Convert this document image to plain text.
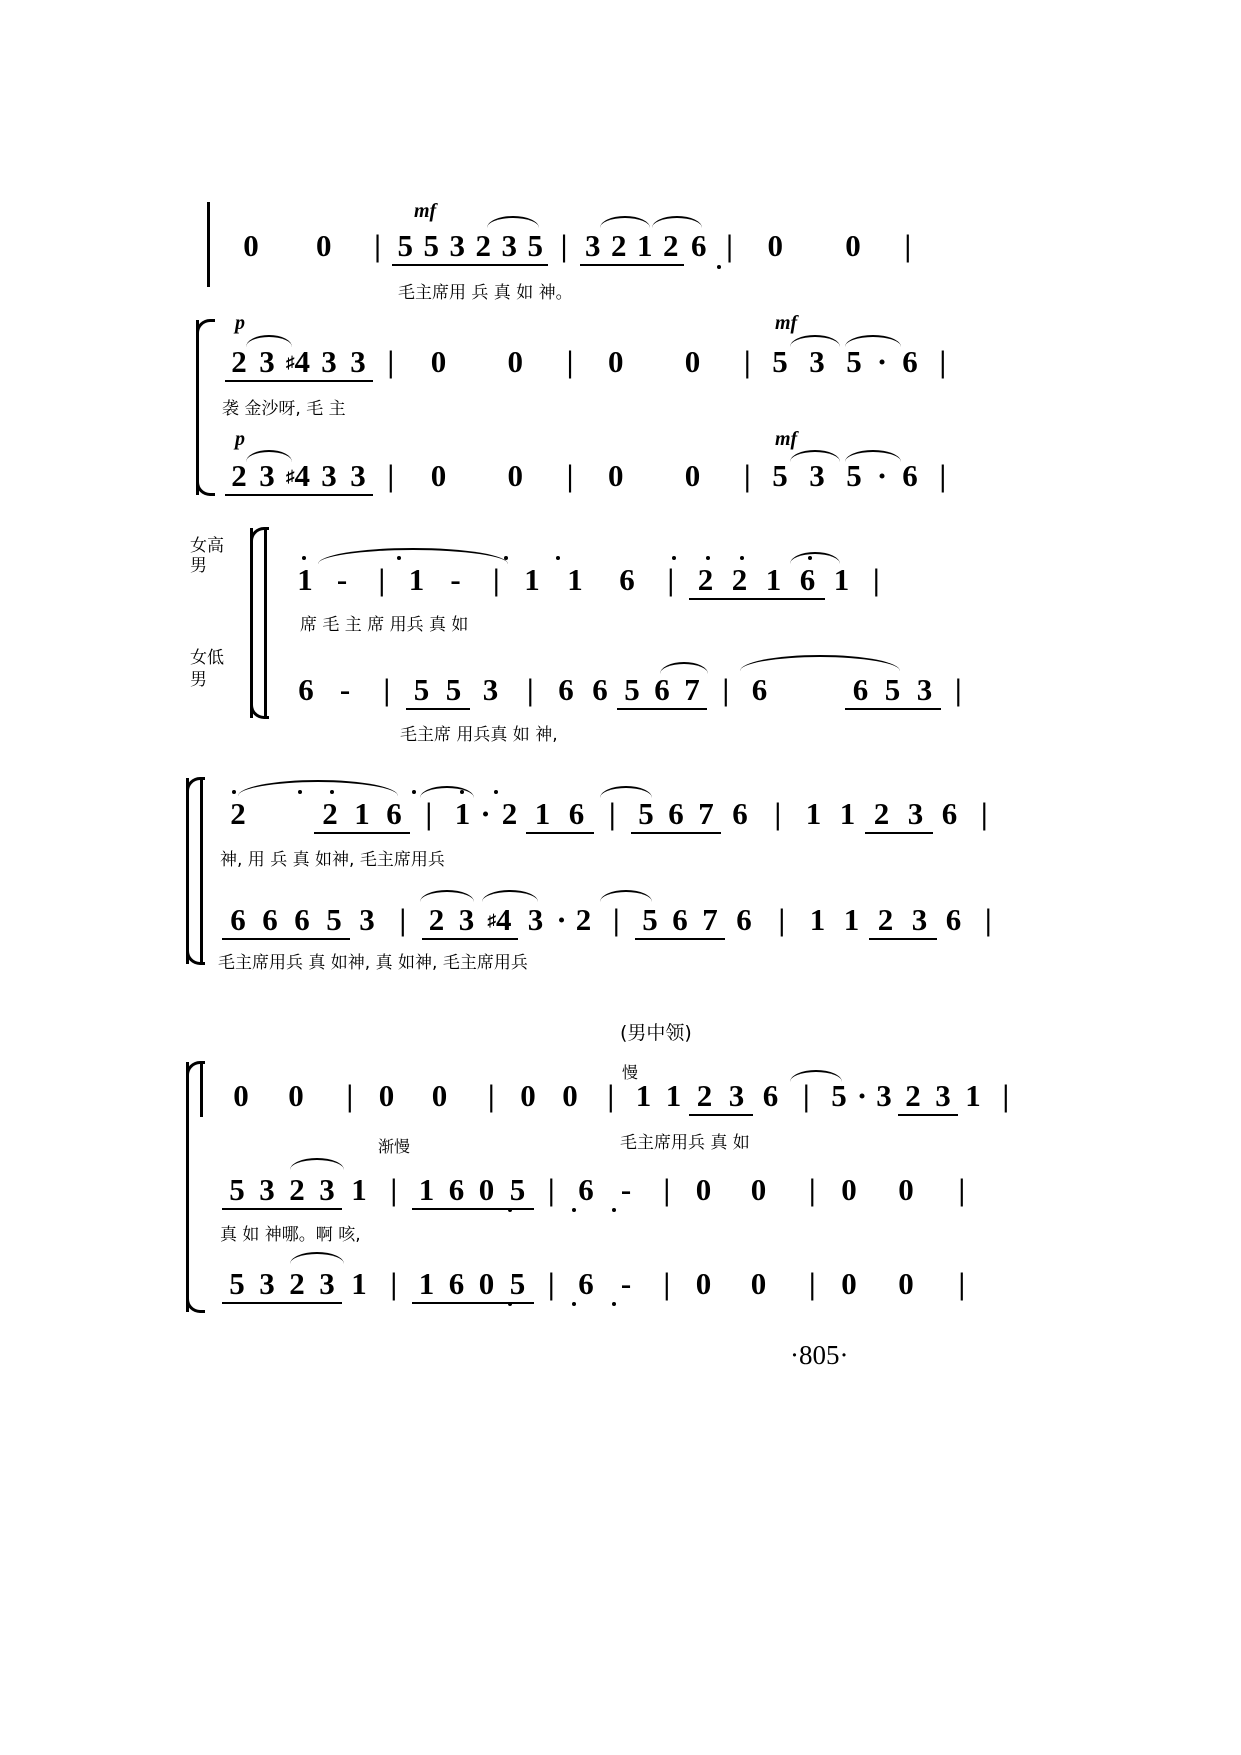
mf
0 0 | 5 5 3 2 3 5 | 3 2 1 2 6 | 0 0 |
毛主席用 兵 真 如 神。
p	mf
2 3 ♯4 3 3 | 0 0 | 0 0 | 5 3 5 · 6 |
袭 金沙呀, 毛 主
p	mf
2 3 ♯4 3 3 | 0 0 | 0 0 | 5 3 5 · 6 |
女高
男
女低
男
1 - | 1 - | 1 1 6 | 2 2 1 6 1 |
席 毛 主 席 用兵 真 如
6 - | 5 5 3 | 6 6 5 6 7 | 6	6 5 3 |
毛主席 用兵真 如 神,
2 2 1 6 | 1 · 2 1 6 | 5 6 7 6 | 1 1 2 3 6 |
神, 用 兵 真 如神, 毛主席用兵
6 6 6 5 3 | 2 3 ♯4 3 · 2 | 5 6 7 6 | 1 1 2 3 6 |
毛主席用兵 真 如神, 真 如神, 毛主席用兵
(男中领)
慢
0 0 | 0 0 | 0 0 | 1 1 2 3 6 | 5 · 3 2 3 1 |
毛主席用兵 真 如
渐慢
5 3 2 3 1 | 1 6 0 5 | 6 - | 0 0 | 0 0 |
真 如 神哪。啊 咳,
5 3 2 3 1 | 1 6 0 5 | 6 - | 0 0 | 0 0 |
·805·
